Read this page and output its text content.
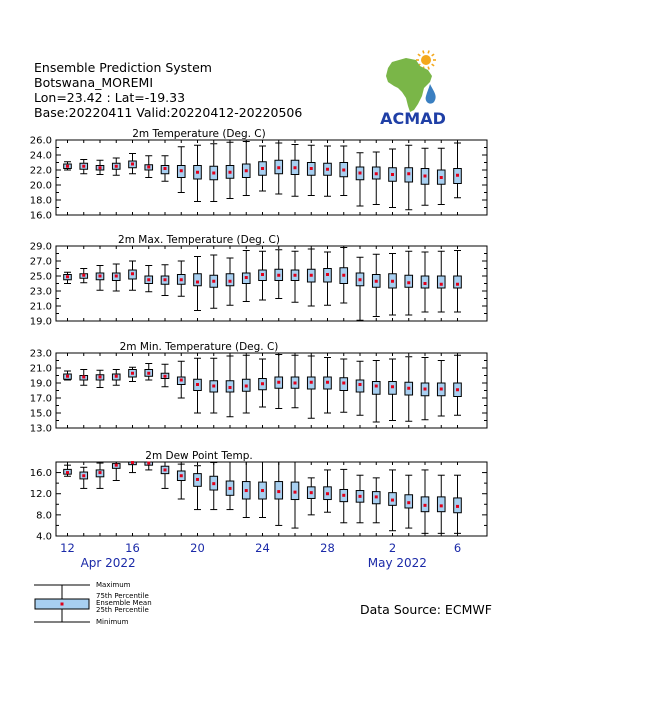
Ensemble Prediction System
Botswana_MOREMI
Lon=23.42 : Lat=-19.33
Base:20220411 Valid:20220412-20220506	ACMAD
2m Temperature (Deg. C)
16.0
18.0
20.0
22.0
24.0
26.0
2m Max. Temperature (Deg. C)
19.0
21.0
23.0
25.0
27.0
29.0
2m Min. Temperature (Deg. C)
13.0
15.0
17.0
19.0
21.0
23.0
2m Dew Point Temp.
4.0
8.0
12.0
16.0
12	16	20	24	28	2	6
Apr 2022	May 2022
Maximum
75th Percentile
Ensemble Mean
25th Percentile
Minimum
Data Source: ECMWF
